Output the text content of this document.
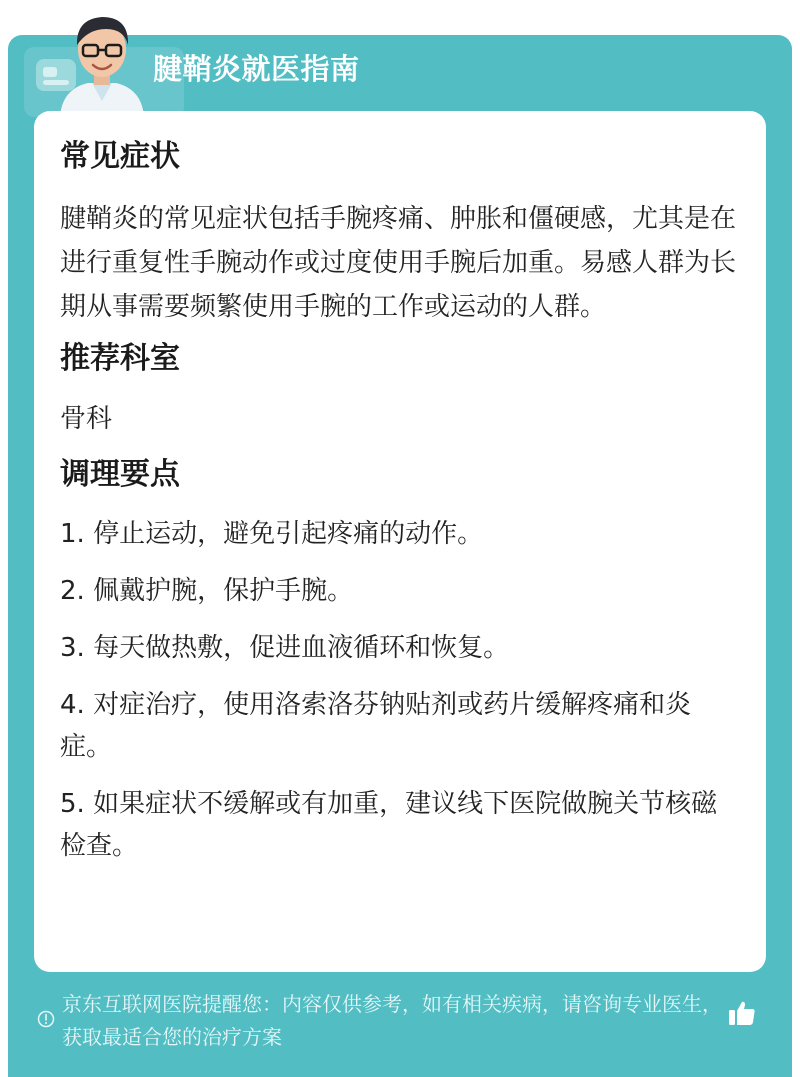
腱鞘炎就医指南
常见症状

腱鞘炎的常见症状包括手腕疼痛、肿胀和僵硬感，尤其是在进行重复性手腕动作或过度使用手腕后加重。易感人群为长期从事需要频繁使用手腕的工作或运动的人群。

推荐科室

骨科

调理要点

1. 停止运动，避免引起疼痛的动作。

2. 佩戴护腕，保护手腕。

3. 每天做热敷，促进血液循环和恢复。

4. 对症治疗，使用洛索洛芬钠贴剂或药片缓解疼痛和炎症。

5. 如果症状不缓解或有加重，建议线下医院做腕关节核磁检查。

京东互联网医院提醒您：内容仅供参考，如有相关疾病，请咨询专业医生，获取最适合您的治疗方案
